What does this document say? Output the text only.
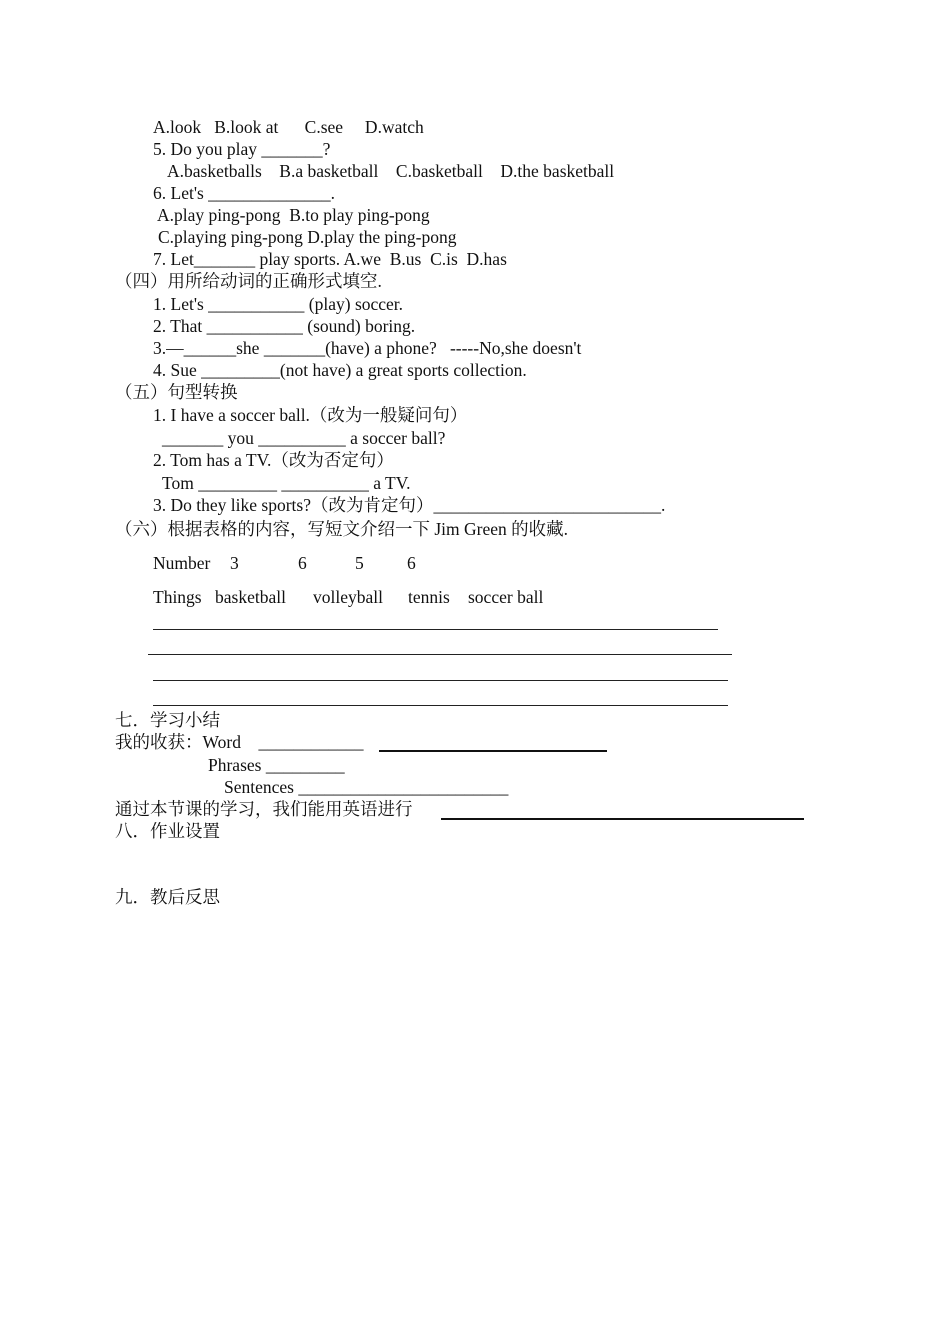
A.look   B.look at      C.see     D.watch
5. Do you play _______?
A.basketballs    B.a basketball    C.basketball    D.the basketball
6. Let's ______________.
A.play ping-pong  B.to play ping-pong
C.playing ping-pong D.play the ping-pong
7. Let_______ play sports. A.we  B.us  C.is  D.has
（四）用所给动词的正确形式填空.
1. Let's ___________ (play) soccer.
2. That ___________ (sound) boring.
3.—______she _______(have) a phone?   -----No,she doesn't
4. Sue _________(not have) a great sports collection.
（五）句型转换
1. I have a soccer ball.（改为一般疑问句）
_______ you __________ a soccer ball?
2. Tom has a TV.（改为否定句）
Tom _________ __________ a TV.
3. Do they like sports?（改为肯定句）__________________________.
（六）根据表格的内容，写短文介绍一下 Jim Green 的收藏.
Number 3	6	5 6
Things basketball volleyball tennis soccer ball
七．学习小结
我的收获：Word    ____________
Phrases _________
Sentences ________________________
通过本节课的学习，我们能用英语进行
八．作业设置
九．教后反思
